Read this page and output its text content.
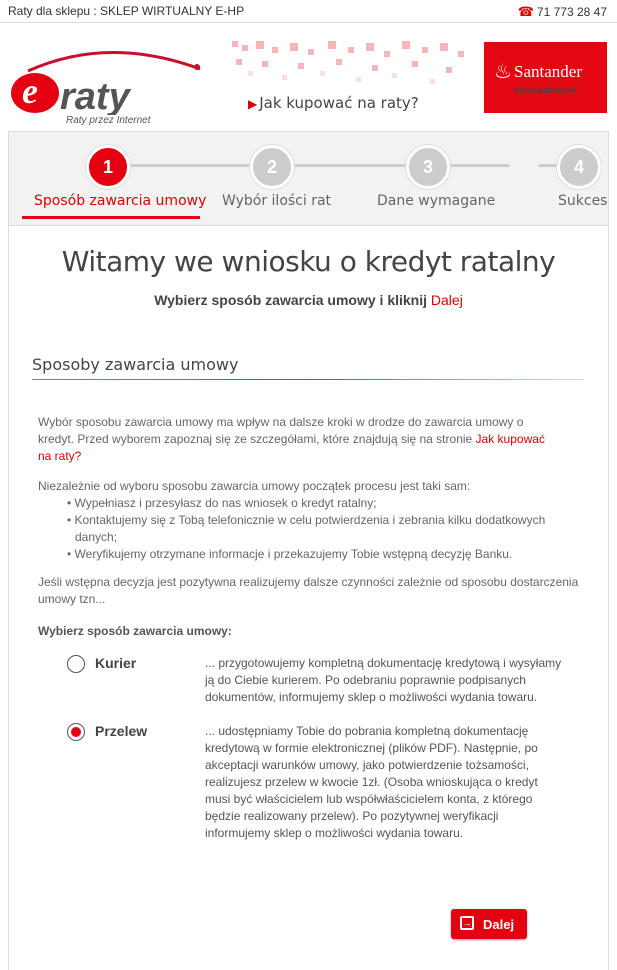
Raty dla sklepu : SKLEP WIRTUALNY E-HP	☎ 71 773 28 47
e raty
Raty przez Internet
▶ Jak kupować na raty?
♨ Santander
CONSUMER BANK
1	2	3	4
Sposób zawarcia umowy Wybór ilości rat	Dane wymagane	Sukces
Witamy we wniosku o kredyt ratalny
Wybierz sposób zawarcia umowy i kliknij Dalej
Sposoby zawarcia umowy
Wybór sposobu zawarcia umowy ma wpływ na dalsze kroki w drodze do zawarcia umowy o
kredyt. Przed wyborem zapoznaj się ze szczegółami, które znajdują się na stronie Jak kupować
na raty?
Niezależnie od wyboru sposobu zawarcia umowy początek procesu jest taki sam:
• Wypełniasz i przesyłasz do nas wniosek o kredyt ratalny;
• Kontaktujemy się z Tobą telefonicznie w celu potwierdzenia i zebrania kilku dodatkowych
danych;
• Weryfikujemy otrzymane informacje i przekazujemy Tobie wstępną decyzję Banku.
Jeśli wstępna decyzja jest pozytywna realizujemy dalsze czynności zależnie od sposobu dostarczenia
umowy tzn...
Wybierz sposób zawarcia umowy:
Kurier	... przygotowujemy kompletną dokumentację kredytową i wysyłamy
ją do Ciebie kurierem. Po odebraniu poprawnie podpisanych
dokumentów, informujemy sklep o możliwości wydania towaru.
Przelew	... udostępniamy Tobie do pobrania kompletną dokumentację
kredytową w formie elektronicznej (plików PDF). Następnie, po
akceptacji warunków umowy, jako potwierdzenie tożsamości,
realizujesz przelew w kwocie 1zł. (Osoba wnioskująca o kredyt
musi być właścicielem lub współwłaścicielem konta, z którego
będzie realizowany przelew). Po pozytywnej weryfikacji
informujemy sklep o możliwości wydania towaru.
→ Dalej
